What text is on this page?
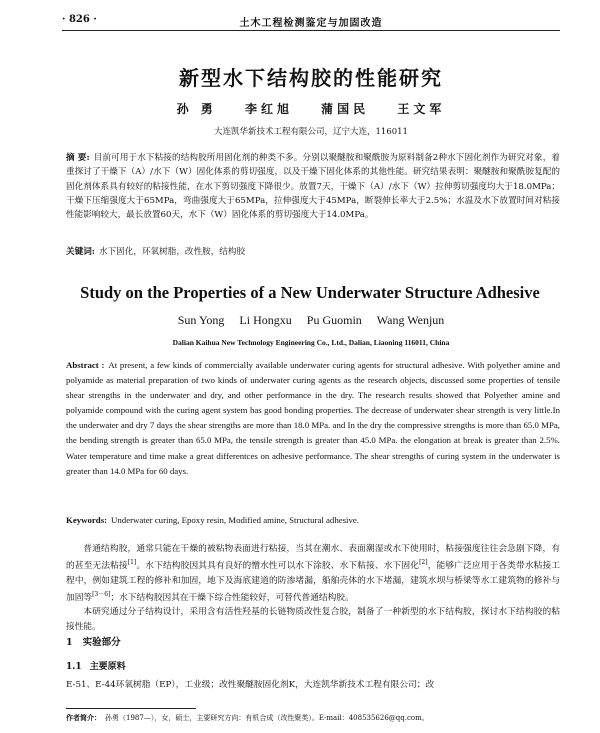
· 826 ·	土木工程检测鉴定与加固改造
新型水下结构胶的性能研究
孙 勇 李红旭 蒲国民 王文军
大连凯华新技术工程有限公司，辽宁大连，116011
摘 要: 目前可用于水下粘接的结构胶所用固化剂的种类不多。分别以聚醚胺和聚酰胺为原料制备2种水下固化剂作为研究对象，着重探讨了干燥下（A）/水下（W）固化体系的剪切强度，以及干燥下固化体系的其他性能。研究结果表明：聚醚胺和聚酰胺复配的固化剂体系具有较好的粘接性能，在水下剪切强度下降很少。放置7天，干燥下（A）/水下（W）拉伸剪切强度均大于18.0MPa；干燥下压缩强度大于65MPa，弯曲强度大于65MPa，拉伸强度大于45MPa，断裂伸长率大于2.5%；水温及水下放置时间对粘接性能影响较大，最长放置60天，水下（W）固化体系的剪切强度大于14.0MPa。
关键词: 水下固化，环氧树脂，改性胺，结构胶
Study on the Properties of a New Underwater Structure Adhesive
Sun Yong Li Hongxu Pu Guomin Wang Wenjun
Dalian Kaihua New Technology Engineering Co., Ltd., Dalian, Liaoning 116011, China
Abstract : At present, a few kinds of commercially available underwater curing agents for structural adhesive. With polyether amine and polyamide as material preparation of two kinds of underwater curing agents as the research objects, discussed some properties of tensile shear strengths in the underwater and dry, and other performance in the dry. The research results showed that Polyether amine and polyamide compound with the curing agent system has good bonding properties. The decrease of underwater shear strength is very little.In the underwater and dry 7 days the shear strengths are more than 18.0 MPa. and In the dry the compressive strengths is more than 65.0 MPa, the bending strength is greater than 65.0 MPa, the tensile strength is greater than 45.0 MPa. the elongation at break is greater than 2.5%. Water temperature and time make a great differentces on adhesive performance. The shear strengths of curing system in the underwater is greater than 14.0 MPa for 60 days.
Keywords: Underwater curing, Epoxy resin, Modified amine, Structural adhesive.

普通结构胶，通常只能在干燥的被粘物表面进行粘接，当其在潮水、表面潮湿或水下使用时，粘接强度往往会急剧下降，有的甚至无法粘接[1]。水下结构胶因其具有良好的憎水性可以水下涂胶、水下粘接、水下固化[2]，能够广泛应用于各类带水粘接工程中，例如建筑工程的修补和加固，地下及海底建道的防渗堵漏，船舶壳体的水下堵漏，建筑水坝与桥梁等水工建筑物的修补与加固等[3－6]；水下结构胶因其在干燥下综合性能较好，可替代普通结构胶。

本研究通过分子结构设计，采用含有活性羟基的长链物质改性复合胶，制备了一种新型的水下结构胶，探讨水下结构胶的粘接性能。

1 实验部分
1.1 主要原料
E-51、E-44环氧树脂（EP），工业级；改性聚醚胺固化剂K，大连凯华新技术工程有限公司；改
作者简介： 孙勇（1987—），女，硕士，主要研究方向：有机合成（改性聚类）。E-mail：408535626@qq.com。
